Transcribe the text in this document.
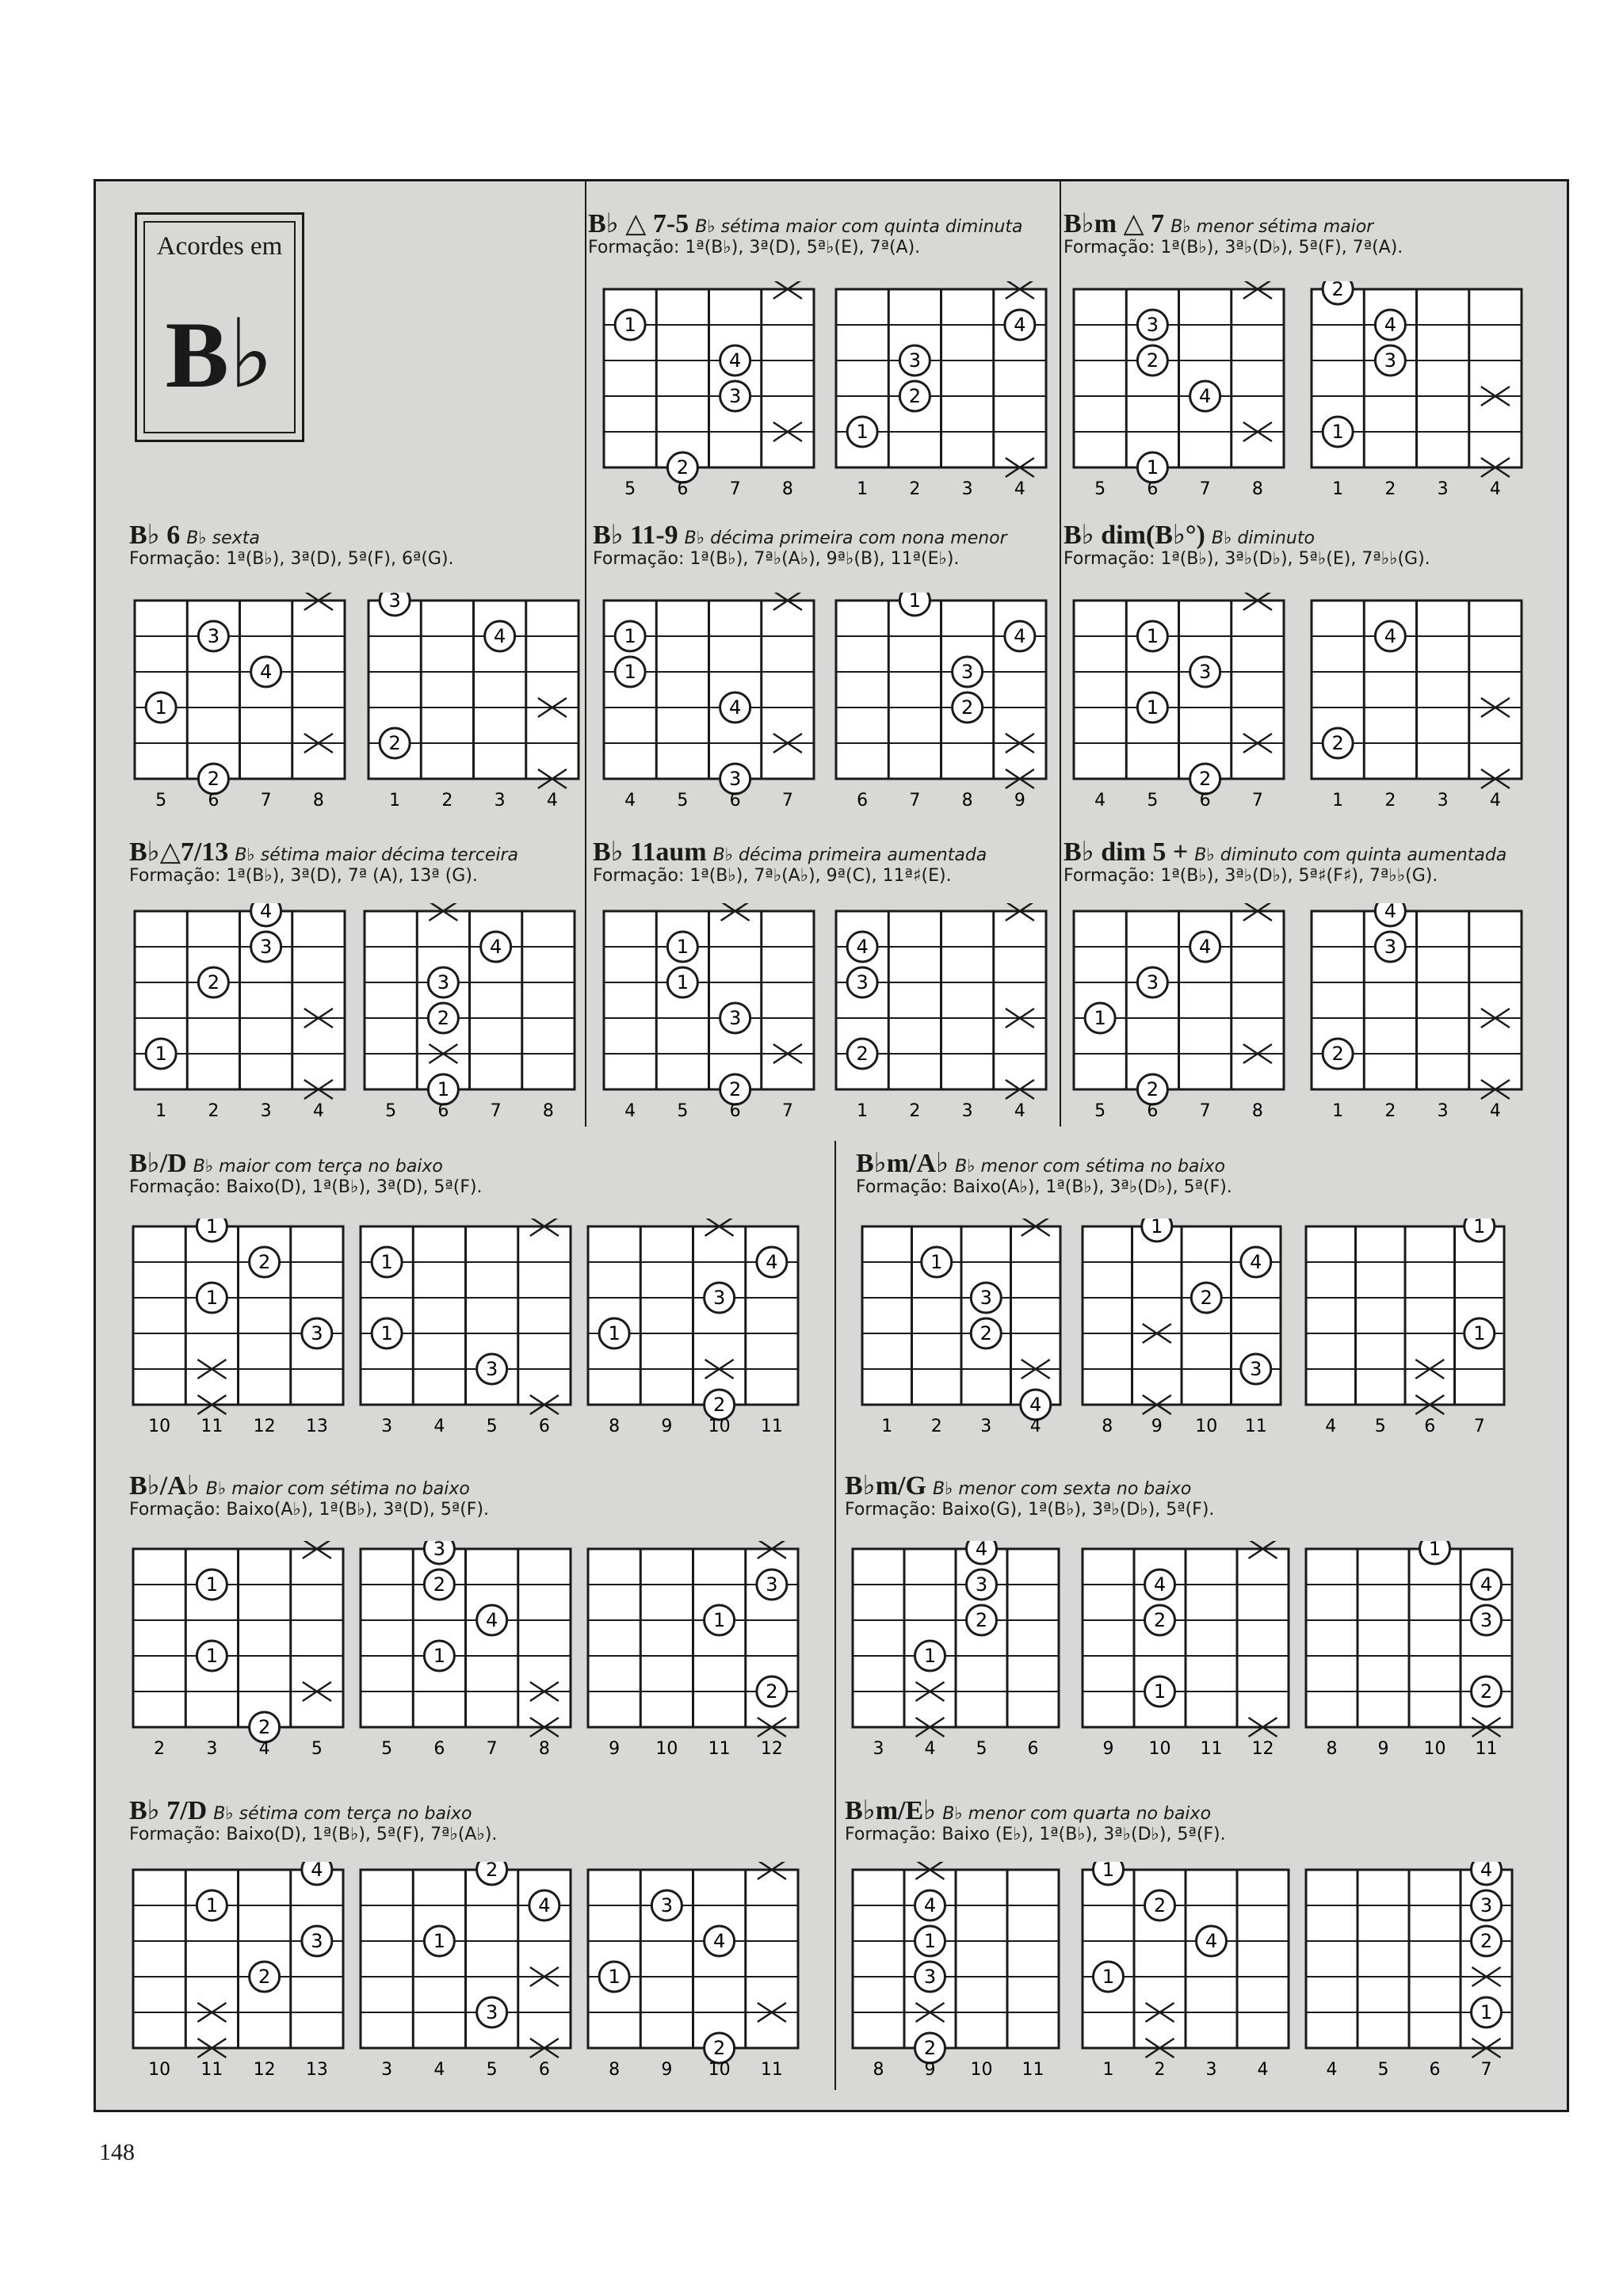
Acordes em
B♭
B♭ △ 7-5 B♭ sétima maior com quinta diminuta
Formação: 1ª(B♭), 3ª(D), 5ª♭(E), 7ª(A).
1
4
3
2
5 6 7 8
4
3
2
1
1 2 3 4
B♭m △ 7 B♭ menor sétima maior
Formação: 1ª(B♭), 3ª♭(D♭), 5ª(F), 7ª(A).
3
2
4
1
5 6 7 8
2
4
3
1
1 2 3 4
B♭ 6 B♭ sexta
Formação: 1ª(B♭), 3ª(D), 5ª(F), 6ª(G).
3
4
1
2
5 6 7 8
3
4
2
1 2 3 4
B♭ 11-9 B♭ décima primeira com nona menor
Formação: 1ª(B♭), 7ª♭(A♭), 9ª♭(B), 11ª(E♭).
1
1
4
3
4 5 6 7
1
4
3
2
6 7 8 9
B♭ dim(B♭°) B♭ diminuto
Formação: 1ª(B♭), 3ª♭(D♭), 5ª♭(E), 7ª♭♭(G).
1
3
1
2
4 5 6 7
4
2
1 2 3 4
B♭△7/13 B♭ sétima maior décima terceira
Formação: 1ª(B♭), 3ª(D), 7ª (A), 13ª (G).
4
3
2
1
1 2 3 4
4
3
2
1
5 6 7 8
B♭ 11aum B♭ décima primeira aumentada
Formação: 1ª(B♭), 7ª♭(A♭), 9ª(C), 11ª♯(E).
1
1
3
2
4 5 6 7
4
3
2
1 2 3 4
B♭ dim 5 + B♭ diminuto com quinta aumentada
Formação: 1ª(B♭), 3ª♭(D♭), 5ª♯(F♯), 7ª♭♭(G).
4
3
1
2
5 6 7 8
4
3
2
1 2 3 4
B♭/D B♭ maior com terça no baixo
Formação: Baixo(D), 1ª(B♭), 3ª(D), 5ª(F).
1
2
1
3
10 11 12 13
1
1
3
3 4 5 6
4
3
1
2
8 9 10 11
B♭m/A♭ B♭ menor com sétima no baixo
Formação: Baixo(A♭), 1ª(B♭), 3ª♭(D♭), 5ª(F).
1
3
2
4
1 2 3 4
1
4
2
3
8 9 10 11
1
1
4 5 6 7
B♭/A♭ B♭ maior com sétima no baixo
Formação: Baixo(A♭), 1ª(B♭), 3ª(D), 5ª(F).
1
1
2
2 3 4 5
3
2
4
1
5 6 7 8
3
1
2
9 10 11 12
B♭m/G B♭ menor com sexta no baixo
Formação: Baixo(G), 1ª(B♭), 3ª♭(D♭), 5ª(F).
4
3
2
1
3 4 5 6
4
2
1
9 10 11 12
1
4
3
2
8 9 10 11
B♭ 7/D B♭ sétima com terça no baixo
Formação: Baixo(D), 1ª(B♭), 5ª(F), 7ª♭(A♭).
4
1
3
2
10 11 12 13
2
4
1
3
3 4 5 6
3
4
1
2
8 9 10 11
B♭m/E♭ B♭ menor com quarta no baixo
Formação: Baixo (E♭), 1ª(B♭), 3ª♭(D♭), 5ª(F).
4
1
3
2
8 9 10 11
1
2
4
1
1 2 3 4
4
3
2
1
4 5 6 7
148
